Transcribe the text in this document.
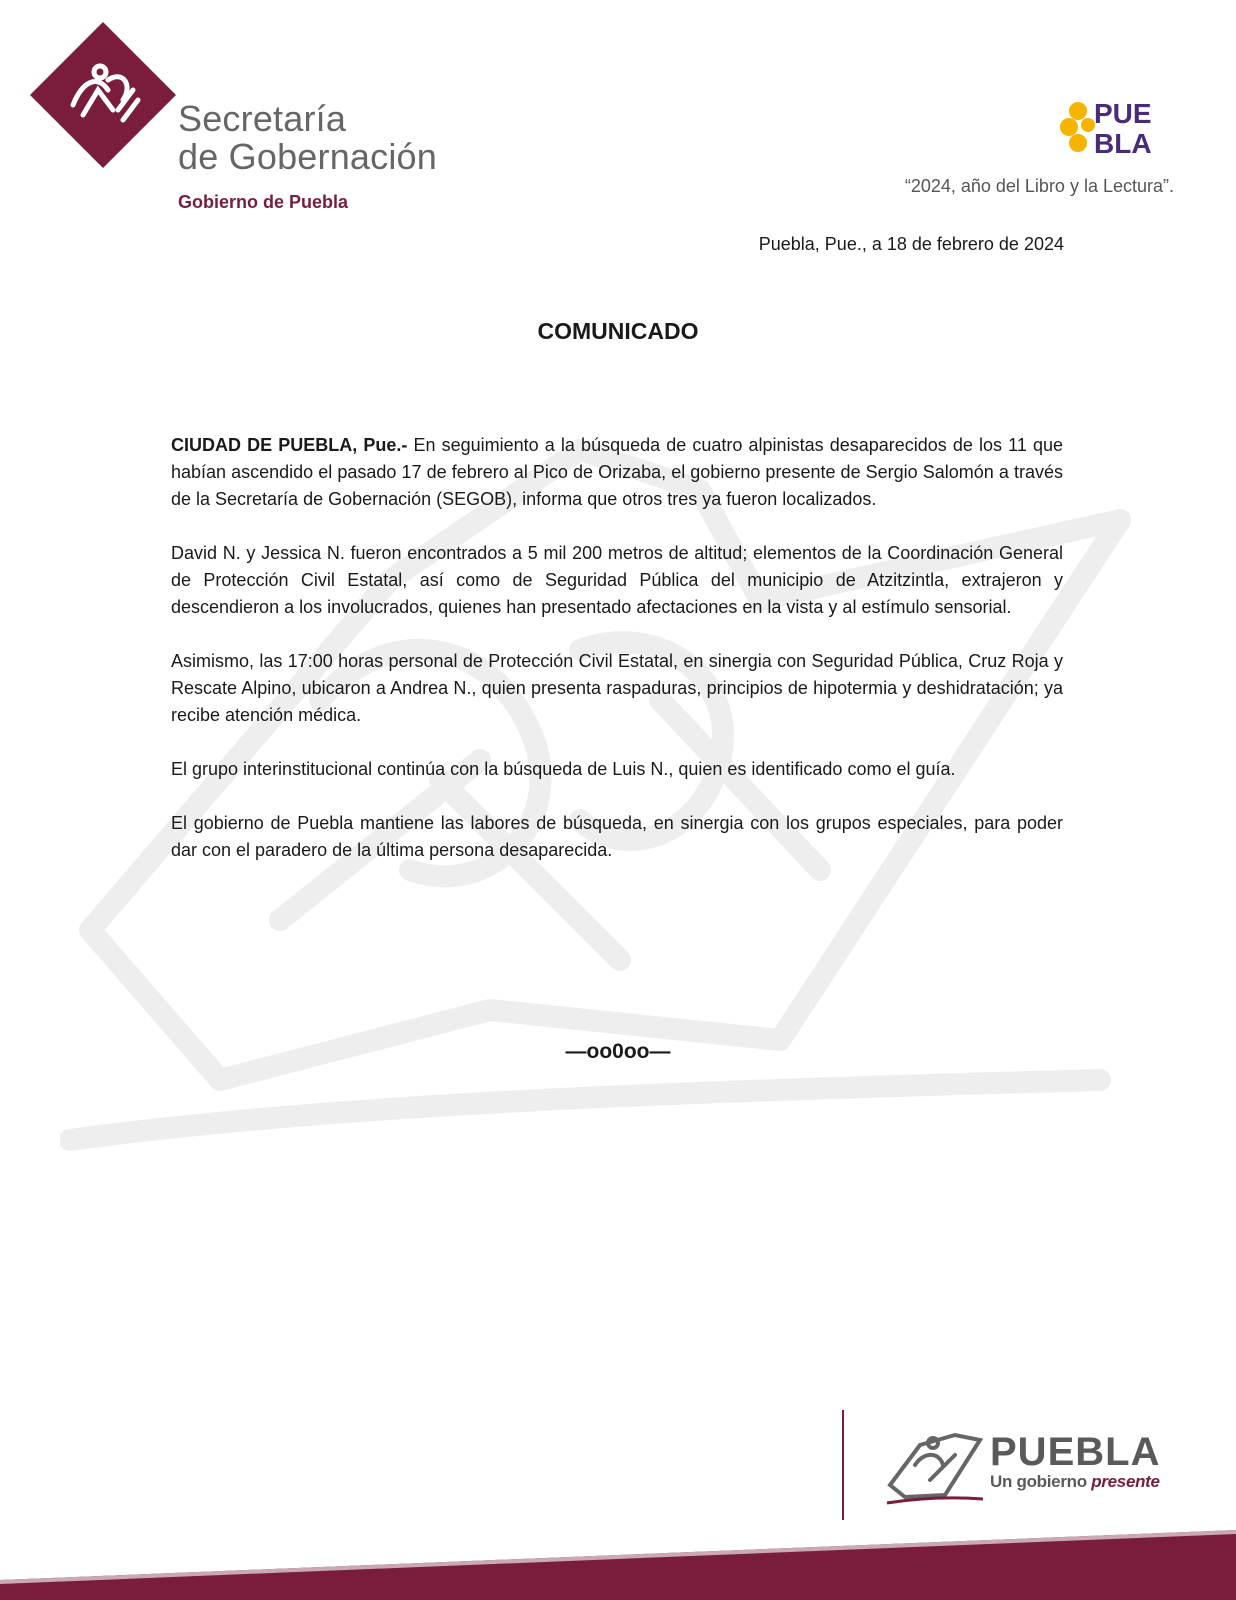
Secretaría
de Gobernación
Gobierno de Puebla
PUE
BLA
“2024, año del Libro y la Lectura”.
Puebla, Pue., a 18 de febrero de 2024
COMUNICADO

CIUDAD DE PUEBLA, Pue.- En seguimiento a la búsqueda de cuatro alpinistas desaparecidos de los 11 que habían ascendido el pasado 17 de febrero al Pico de Orizaba, el gobierno presente de Sergio Salomón a través de la Secretaría de Gobernación (SEGOB), informa que otros tres ya fueron localizados.

David N. y Jessica N. fueron encontrados a 5 mil 200 metros de altitud; elementos de la Coordinación General de Protección Civil Estatal, así como de Seguridad Pública del municipio de Atzitzintla, extrajeron y descendieron a los involucrados, quienes han presentado afectaciones en la vista y al estímulo sensorial.

Asimismo, las 17:00 horas personal de Protección Civil Estatal, en sinergia con Seguridad Pública, Cruz Roja y Rescate Alpino, ubicaron a Andrea N., quien presenta raspaduras, principios de hipotermia y deshidratación; ya recibe atención médica.

El grupo interinstitucional continúa con la búsqueda de Luis N., quien es identificado como el guía.

El gobierno de Puebla mantiene las labores de búsqueda, en sinergia con los grupos especiales, para poder dar con el paradero de la última persona desaparecida.

—oo0oo—
PUEBLA
Un gobierno presente
